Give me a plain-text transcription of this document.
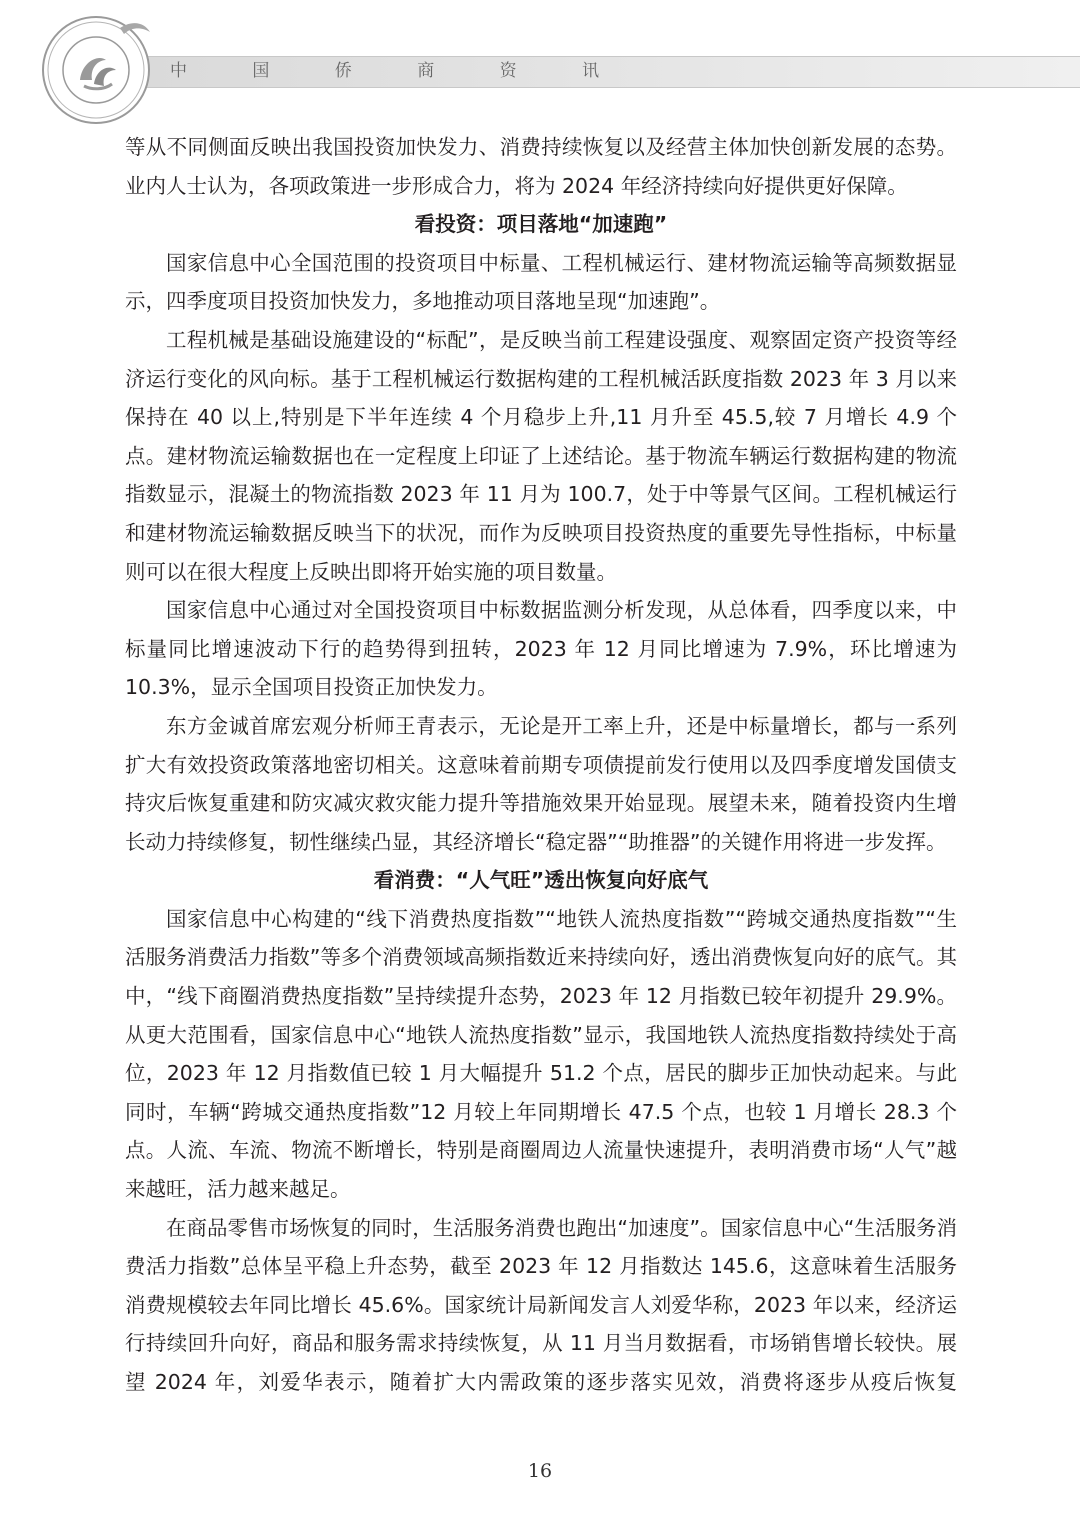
中 国 侨 商 资 讯

等从不同侧面反映出我国投资加快发力、消费持续恢复以及经营主体加快创新发展的态势。业内人士认为，各项政策进一步形成合力，将为 2024 年经济持续向好提供更好保障。

看投资：项目落地“加速跑”

国家信息中心全国范围的投资项目中标量、工程机械运行、建材物流运输等高频数据显示，四季度项目投资加快发力，多地推动项目落地呈现“加速跑”。

工程机械是基础设施建设的“标配”，是反映当前工程建设强度、观察固定资产投资等经济运行变化的风向标。基于工程机械运行数据构建的工程机械活跃度指数 2023 年 3 月以来保持在 40 以上,特别是下半年连续 4 个月稳步上升,11 月升至 45.5,较 7 月增长 4.9 个点。建材物流运输数据也在一定程度上印证了上述结论。基于物流车辆运行数据构建的物流指数显示，混凝土的物流指数 2023 年 11 月为 100.7，处于中等景气区间。工程机械运行和建材物流运输数据反映当下的状况，而作为反映项目投资热度的重要先导性指标，中标量则可以在很大程度上反映出即将开始实施的项目数量。

国家信息中心通过对全国投资项目中标数据监测分析发现，从总体看，四季度以来，中标量同比增速波动下行的趋势得到扭转，2023 年 12 月同比增速为 7.9%，环比增速为 10.3%，显示全国项目投资正加快发力。

东方金诚首席宏观分析师王青表示，无论是开工率上升，还是中标量增长，都与一系列扩大有效投资政策落地密切相关。这意味着前期专项债提前发行使用以及四季度增发国债支持灾后恢复重建和防灾减灾救灾能力提升等措施效果开始显现。展望未来，随着投资内生增长动力持续修复，韧性继续凸显，其经济增长“稳定器”“助推器”的关键作用将进一步发挥。

看消费：“人气旺”透出恢复向好底气

国家信息中心构建的“线下消费热度指数”“地铁人流热度指数”“跨城交通热度指数”“生活服务消费活力指数”等多个消费领域高频指数近来持续向好，透出消费恢复向好的底气。其中，“线下商圈消费热度指数”呈持续提升态势，2023 年 12 月指数已较年初提升 29.9%。从更大范围看，国家信息中心“地铁人流热度指数”显示，我国地铁人流热度指数持续处于高位，2023 年 12 月指数值已较 1 月大幅提升 51.2 个点，居民的脚步正加快动起来。与此同时，车辆“跨城交通热度指数”12 月较上年同期增长 47.5 个点，也较 1 月增长 28.3 个点。人流、车流、物流不断增长，特别是商圈周边人流量快速提升，表明消费市场“人气”越来越旺，活力越来越足。

在商品零售市场恢复的同时，生活服务消费也跑出“加速度”。国家信息中心“生活服务消费活力指数”总体呈平稳上升态势，截至 2023 年 12 月指数达 145.6，这意味着生活服务消费规模较去年同比增长 45.6%。国家统计局新闻发言人刘爱华称，2023 年以来，经济运行持续回升向好，商品和服务需求持续恢复，从 11 月当月数据看，市场销售增长较快。展望 2024 年，刘爱华表示，随着扩大内需政策的逐步落实见效，消费将逐步从疫后恢复

16
